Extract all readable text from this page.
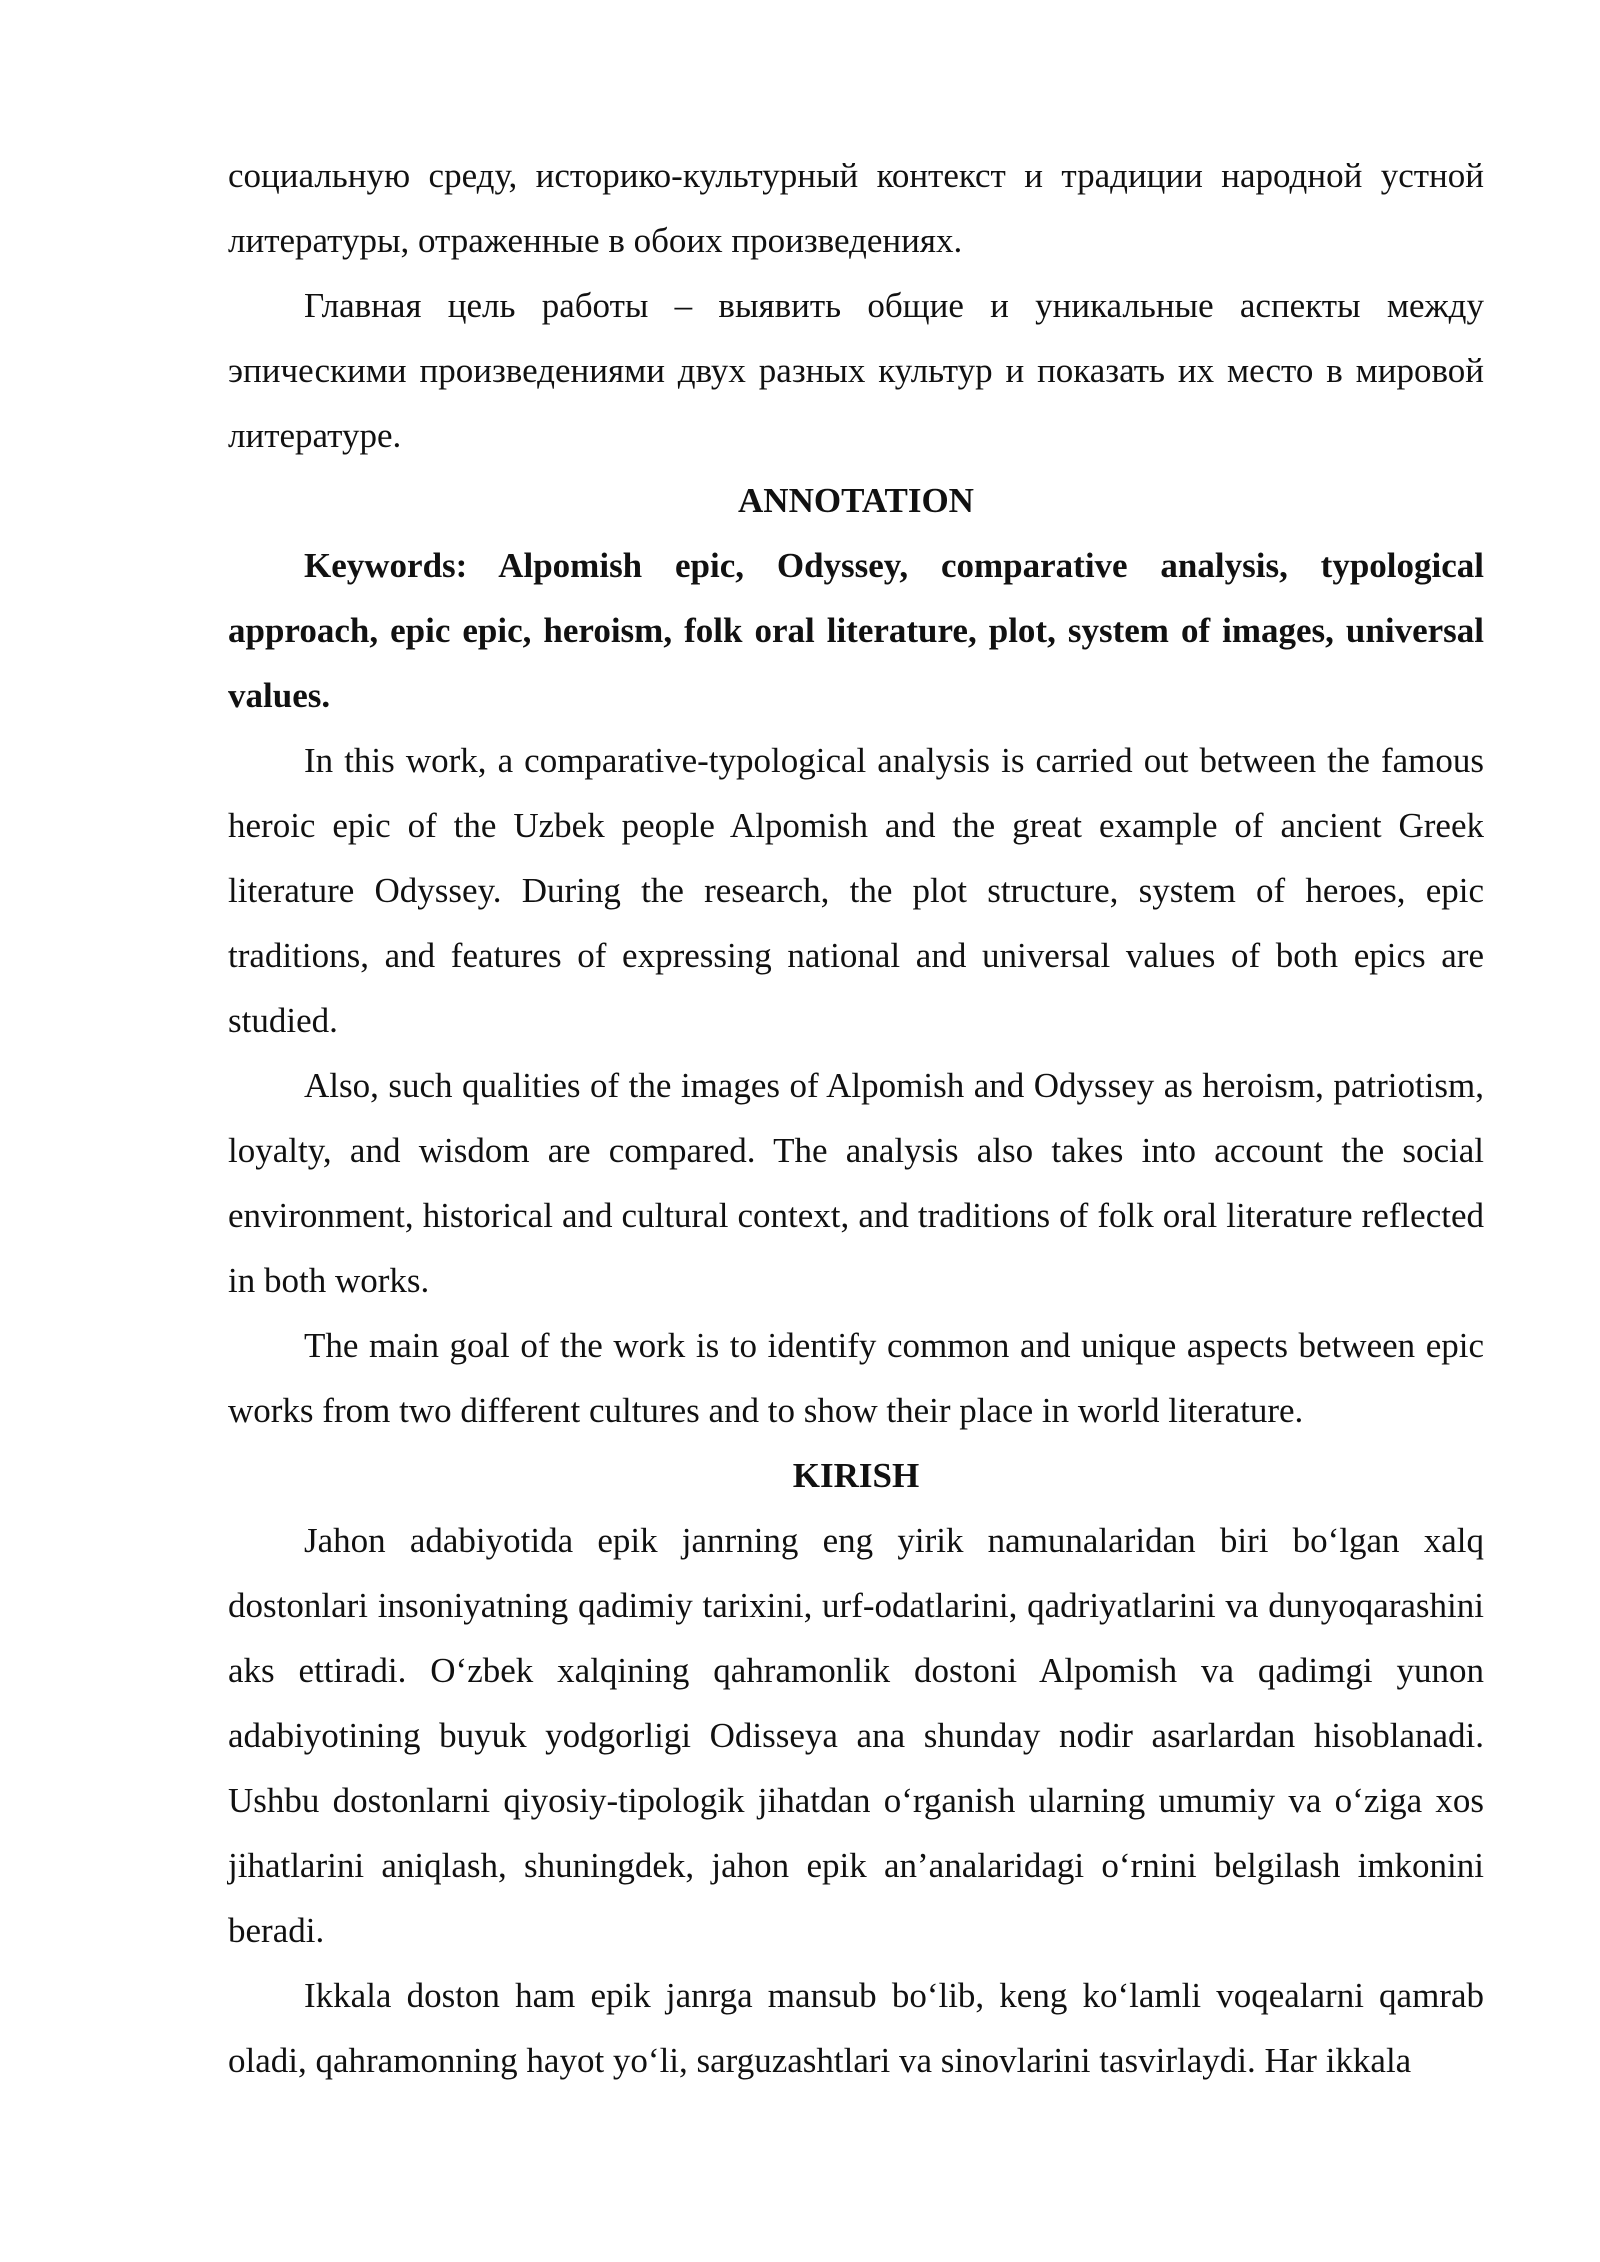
социальную среду, историко-культурный контекст и традиции народной устной литературы, отраженные в обоих произведениях.

Главная цель работы – выявить общие и уникальные аспекты между эпическими произведениями двух разных культур и показать их место в мировой литературе.

ANNOTATION

Keywords: Alpomish epic, Odyssey, comparative analysis, typological approach, epic epic, heroism, folk oral literature, plot, system of images, universal values.

In this work, a comparative-typological analysis is carried out between the famous heroic epic of the Uzbek people Alpomish and the great example of ancient Greek literature Odyssey. During the research, the plot structure, system of heroes, epic traditions, and features of expressing national and universal values of both epics are studied.

Also, such qualities of the images of Alpomish and Odyssey as heroism, patriotism, loyalty, and wisdom are compared. The analysis also takes into account the social environment, historical and cultural context, and traditions of folk oral literature reflected in both works.

The main goal of the work is to identify common and unique aspects between epic works from two different cultures and to show their place in world literature.

KIRISH

Jahon adabiyotida epik janrning eng yirik namunalaridan biri bo‘lgan xalq dostonlari insoniyatning qadimiy tarixini, urf-odatlarini, qadriyatlarini va dunyoqarashini aks ettiradi. O‘zbek xalqining qahramonlik dostoni Alpomish va qadimgi yunon adabiyotining buyuk yodgorligi Odisseya ana shunday nodir asarlardan hisoblanadi. Ushbu dostonlarni qiyosiy-tipologik jihatdan o‘rganish ularning umumiy va o‘ziga xos jihatlarini aniqlash, shuningdek, jahon epik an’analaridagi o‘rnini belgilash imkonini beradi.

Ikkala doston ham epik janrga mansub bo‘lib, keng ko‘lamli voqealarni qamrab oladi, qahramonning hayot yo‘li, sarguzashtlari va sinovlarini tasvirlaydi. Har ikkala
